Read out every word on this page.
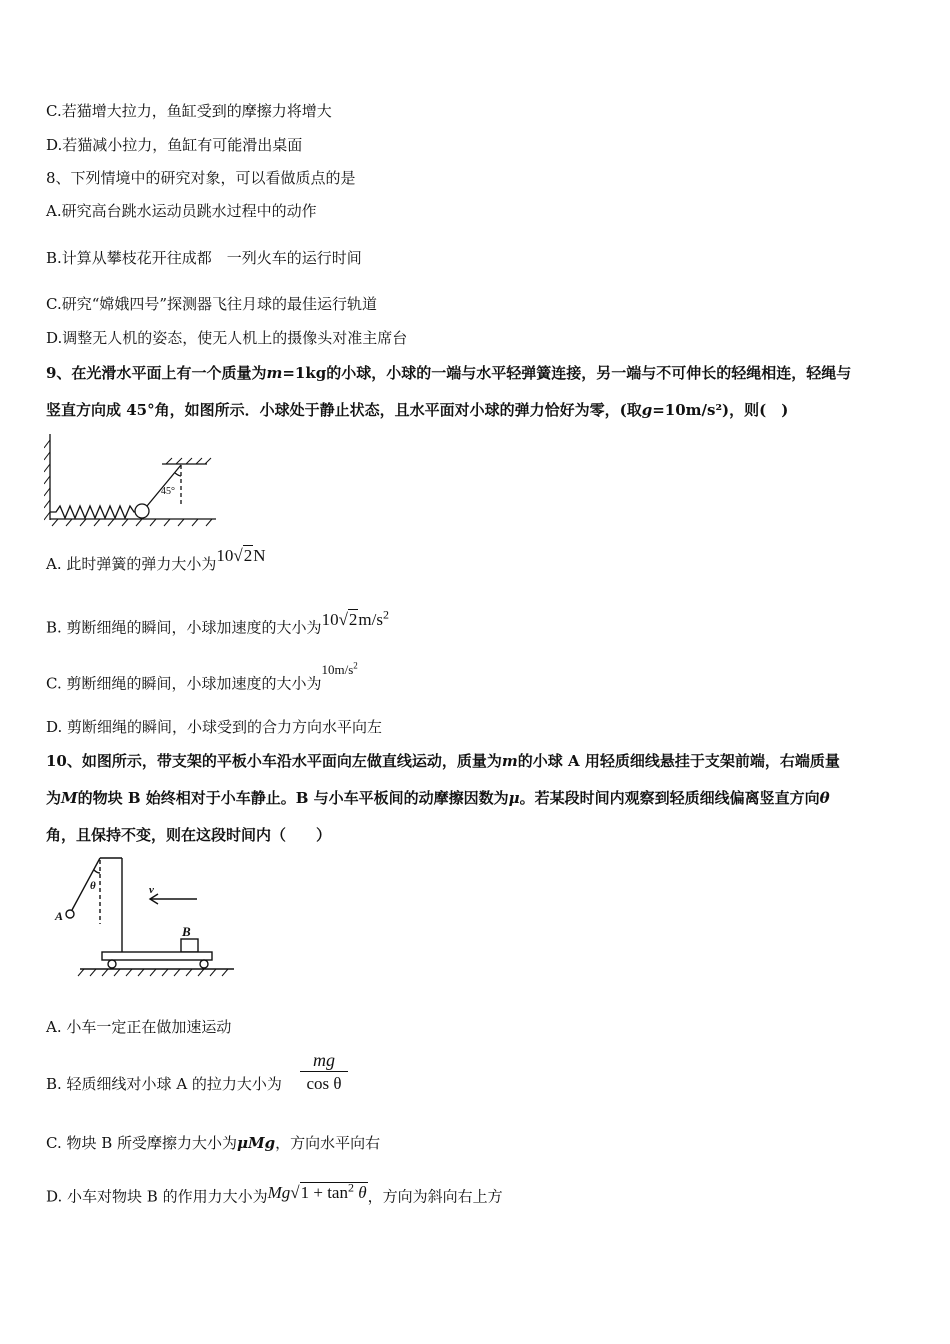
C.若猫增大拉力，鱼缸受到的摩擦力将增大
D.若猫减小拉力，鱼缸有可能滑出桌面
8、下列情境中的研究对象，可以看做质点的是
A.研究高台跳水运动员跳水过程中的动作
B.计算从攀枝花开往成都　一列火车的运行时间
C.研究“嫦娥四号”探测器飞往月球的最佳运行轨道
D.调整无人机的姿态，使无人机上的摄像头对准主席台
9、在光滑水平面上有一个质量为m=1kg的小球，小球的一端与水平轻弹簧连接，另一端与不可伸长的轻绳相连，轻绳与
竖直方向成 45°角，如图所示．小球处于静止状态，且水平面对小球的弹力恰好为零，(取g=10m/s²)，则(　)
45°
A. 此时弹簧的弹力大小为10√2N
B. 剪断细绳的瞬间，小球加速度的大小为$10√2m/s^2$
C. 剪断细绳的瞬间，小球加速度的大小为$10m/s^2$
D. 剪断细绳的瞬间，小球受到的合力方向水平向左
10、如图所示，带支架的平板小车沿水平面向左做直线运动，质量为m的小球 A 用轻质细线悬挂于支架前端，右端质量
为M的物块 B 始终相对于小车静止。B 与小车平板间的动摩擦因数为μ。若某段时间内观察到轻质细线偏离竖直方向θ
角，且保持不变，则在这段时间内（　　）
θ
A
v
B
A. 小车一定正在做加速运动
B. 轻质细线对小球 A 的拉力大小为 $\frac{mg}{\text{cos θ}}$
C. 物块 B 所受摩擦力大小为μMg，方向水平向右
D. 小车对物块 B 的作用力大小为$Mg√1 + \tan^2 \theta$，方向为斜向右上方
